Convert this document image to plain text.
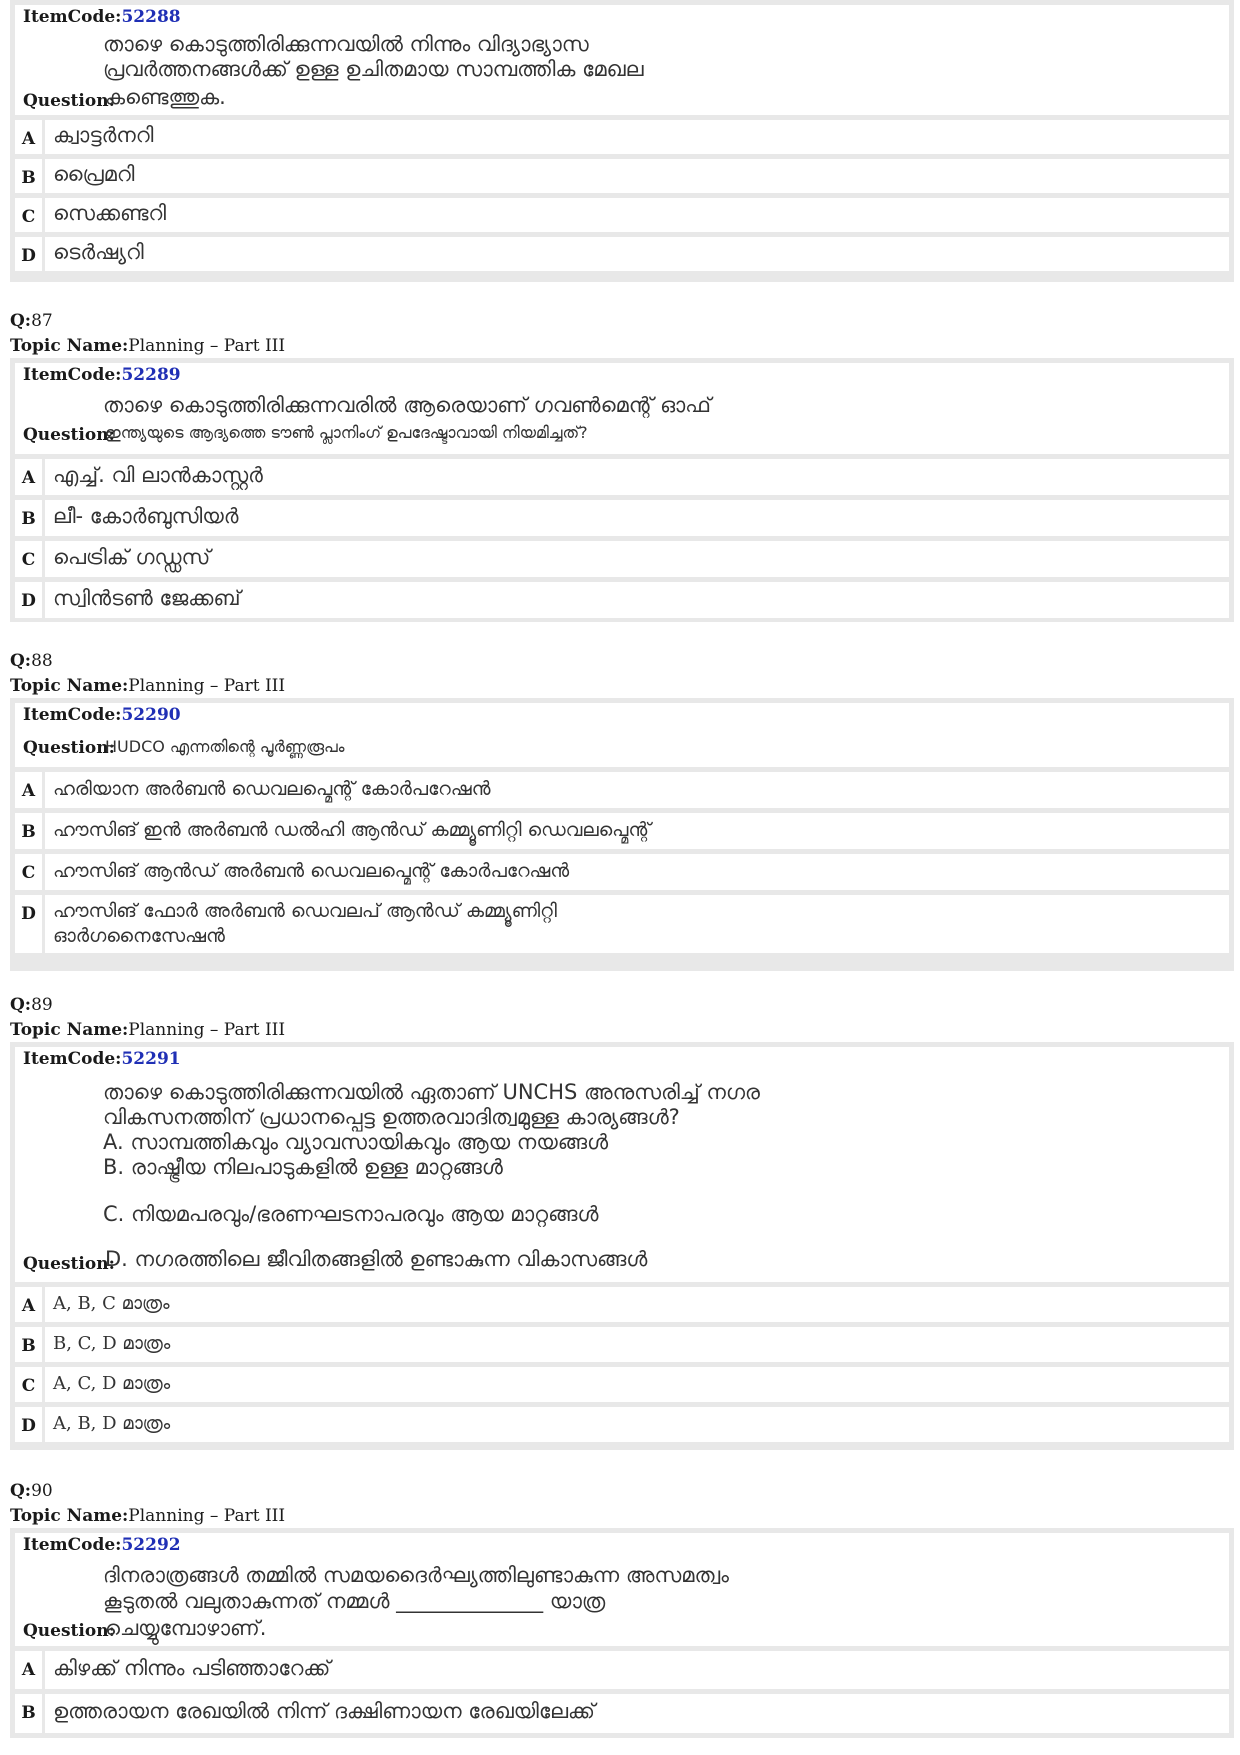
ItemCode:52288
താഴെ കൊടുത്തിരിക്കുന്നവയിൽ നിന്നും വിദ്യാഭ്യാസ
പ്രവർത്തനങ്ങൾക്ക് ഉള്ള ഉചിതമായ സാമ്പത്തിക മേഖല
Question:
കണ്ടെത്തുക.
A ക്വാട്ടർനറി
B പ്രൈമറി
C സെക്കണ്ടറി
D ടെർഷ്യറി
Q:87
Topic Name:Planning – Part III
ItemCode:52289
താഴെ കൊടുത്തിരിക്കുന്നവരിൽ ആരെയാണ് ഗവൺമെന്റ് ഓഫ്
Question:
ഇന്ത്യയുടെ ആദ്യത്തെ ടൗൺ പ്ലാനിംഗ് ഉപദേഷ്ടാവായി നിയമിച്ചത്?
A എച്ച്. വി ലാൻകാസ്റ്റർ
B ലീ- കോർബുസിയർ
C പെട്രിക് ഗഡ്ഡസ്
D സ്വിൻടൺ ജേക്കബ്
Q:88
Topic Name:Planning – Part III
ItemCode:52290
Question:
HUDCO എന്നതിന്റെ പൂർണ്ണരൂപം
A ഹരിയാന അർബൻ ഡെവലപ്മെന്റ് കോർപറേഷൻ
B ഹൗസിങ് ഇൻ അർബൻ ഡൽഹി ആൻഡ് കമ്മ്യൂണിറ്റി ഡെവലപ്മെന്റ്
C ഹൗസിങ് ആൻഡ് അർബൻ ഡെവലപ്മെന്റ് കോർപറേഷൻ
D ഹൗസിങ് ഫോർ അർബൻ ഡെവലപ് ആൻഡ് കമ്മ്യൂണിറ്റി
ഓർഗനൈസേഷൻ
Q:89
Topic Name:Planning – Part III
ItemCode:52291
താഴെ കൊടുത്തിരിക്കുന്നവയിൽ ഏതാണ് UNCHS അനുസരിച്ച് നഗര
വികസനത്തിന് പ്രധാനപ്പെട്ട ഉത്തരവാദിത്വമുള്ള കാര്യങ്ങൾ?
A. സാമ്പത്തികവും വ്യാവസായികവും ആയ നയങ്ങൾ
B. രാഷ്ട്രീയ നിലപാടുകളിൽ ഉള്ള മാറ്റങ്ങൾ
C. നിയമപരവും/ഭരണഘടനാപരവും ആയ മാറ്റങ്ങൾ
Question:
D. നഗരത്തിലെ ജീവിതങ്ങളിൽ ഉണ്ടാകുന്ന വികാസങ്ങൾ
A A, B, C മാത്രം
B B, C, D മാത്രം
C A, C, D മാത്രം
D A, B, D മാത്രം
Q:90
Topic Name:Planning – Part III
ItemCode:52292
ദിനരാത്രങ്ങൾ തമ്മിൽ സമയദൈർഘ്യത്തിലുണ്ടാകുന്ന അസമത്വം
കൂടുതൽ വലുതാകുന്നത് നമ്മൾ ______________ യാത്ര
Question:
ചെയ്യുമ്പോഴാണ്.
A കിഴക്ക് നിന്നും പടിഞ്ഞാറേക്ക്
B ഉത്തരായന രേഖയിൽ നിന്ന് ദക്ഷിണായന രേഖയിലേക്ക്
